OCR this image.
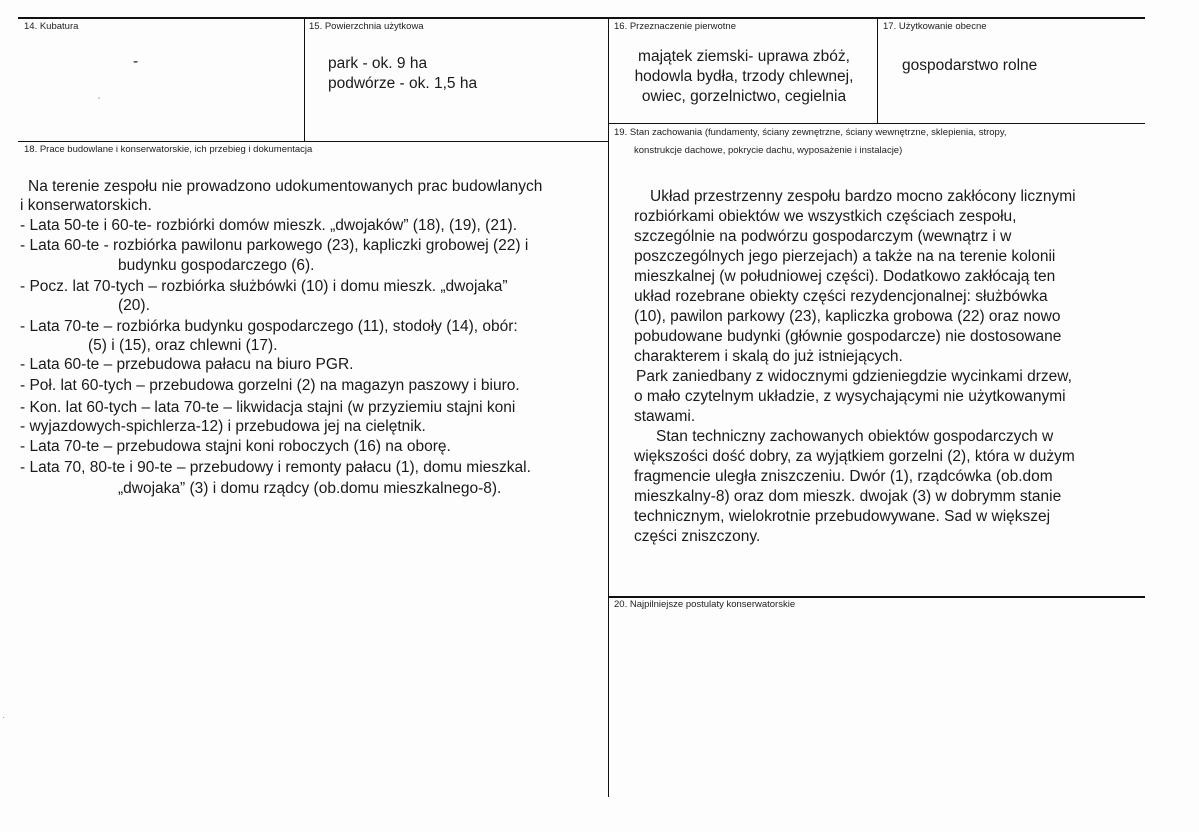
14. Kubatura
-
15. Powierzchnia użytkowa
park - ok. 9 ha
podwórze - ok. 1,5 ha
16. Przeznaczenie pierwotne
majątek ziemski- uprawa zbóż,
hodowla bydła, trzody chlewnej,
owiec, gorzelnictwo, cegielnia
17. Użytkowanie obecne
gospodarstwo rolne
18. Prace budowlane i konserwatorskie, ich przebieg i dokumentacja
Na terenie zespołu nie prowadzono udokumentowanych prac budowlanych
i konserwatorskich.
- Lata 50-te i 60-te- rozbiórki domów mieszk. „dwojaków” (18), (19), (21).
- Lata 60-te - rozbiórka pawilonu parkowego (23), kapliczki grobowej (22) i
budynku gospodarczego (6).
- Pocz. lat 70-tych – rozbiórka służbówki (10) i domu mieszk. „dwojaka”
(20).
- Lata 70-te – rozbiórka budynku gospodarczego (11), stodoły (14), obór:
(5) i (15), oraz chlewni (17).
- Lata 60-te – przebudowa pałacu na biuro PGR.
- Poł. lat 60-tych – przebudowa gorzelni (2) na magazyn paszowy i biuro.
- Kon. lat 60-tych – lata 70-te – likwidacja stajni (w przyziemiu stajni koni
- wyjazdowych-spichlerza-12) i przebudowa jej na cielętnik.
- Lata 70-te – przebudowa stajni koni roboczych (16) na oborę.
- Lata 70, 80-te i 90-te – przebudowy i remonty pałacu (1), domu mieszkal.
„dwojaka” (3) i domu rządcy (ob.domu mieszkalnego-8).
19. Stan zachowania (fundamenty, ściany zewnętrzne, ściany wewnętrzne, sklepienia, stropy,
konstrukcje dachowe, pokrycie dachu, wyposażenie i instalacje)
Układ przestrzenny zespołu bardzo mocno zakłócony licznymi
rozbiórkami obiektów we wszystkich częściach zespołu,
szczególnie na podwórzu gospodarczym (wewnątrz i w
poszczególnych jego pierzejach) a także na na terenie kolonii
mieszkalnej (w południowej części). Dodatkowo zakłócają ten
układ rozebrane obiekty części rezydencjonalnej: służbówka
(10), pawilon parkowy (23), kapliczka grobowa (22) oraz nowo
pobudowane budynki (głównie gospodarcze) nie dostosowane
charakterem i skalą do już istniejących.
Park zaniedbany z widocznymi gdzieniegdzie wycinkami drzew,
o mało czytelnym układzie, z wysychającymi nie użytkowanymi
stawami.
Stan techniczny zachowanych obiektów gospodarczych w
większości dość dobry, za wyjątkiem gorzelni (2), która w dużym
fragmencie uległa zniszczeniu. Dwór (1), rządcówka (ob.dom
mieszkalny-8) oraz dom mieszk. dwojak (3) w dobrymm stanie
technicznym, wielokrotnie przebudowywane. Sad w większej
części zniszczony.
20. Najpilniejsze postulaty konserwatorskie
'
·
